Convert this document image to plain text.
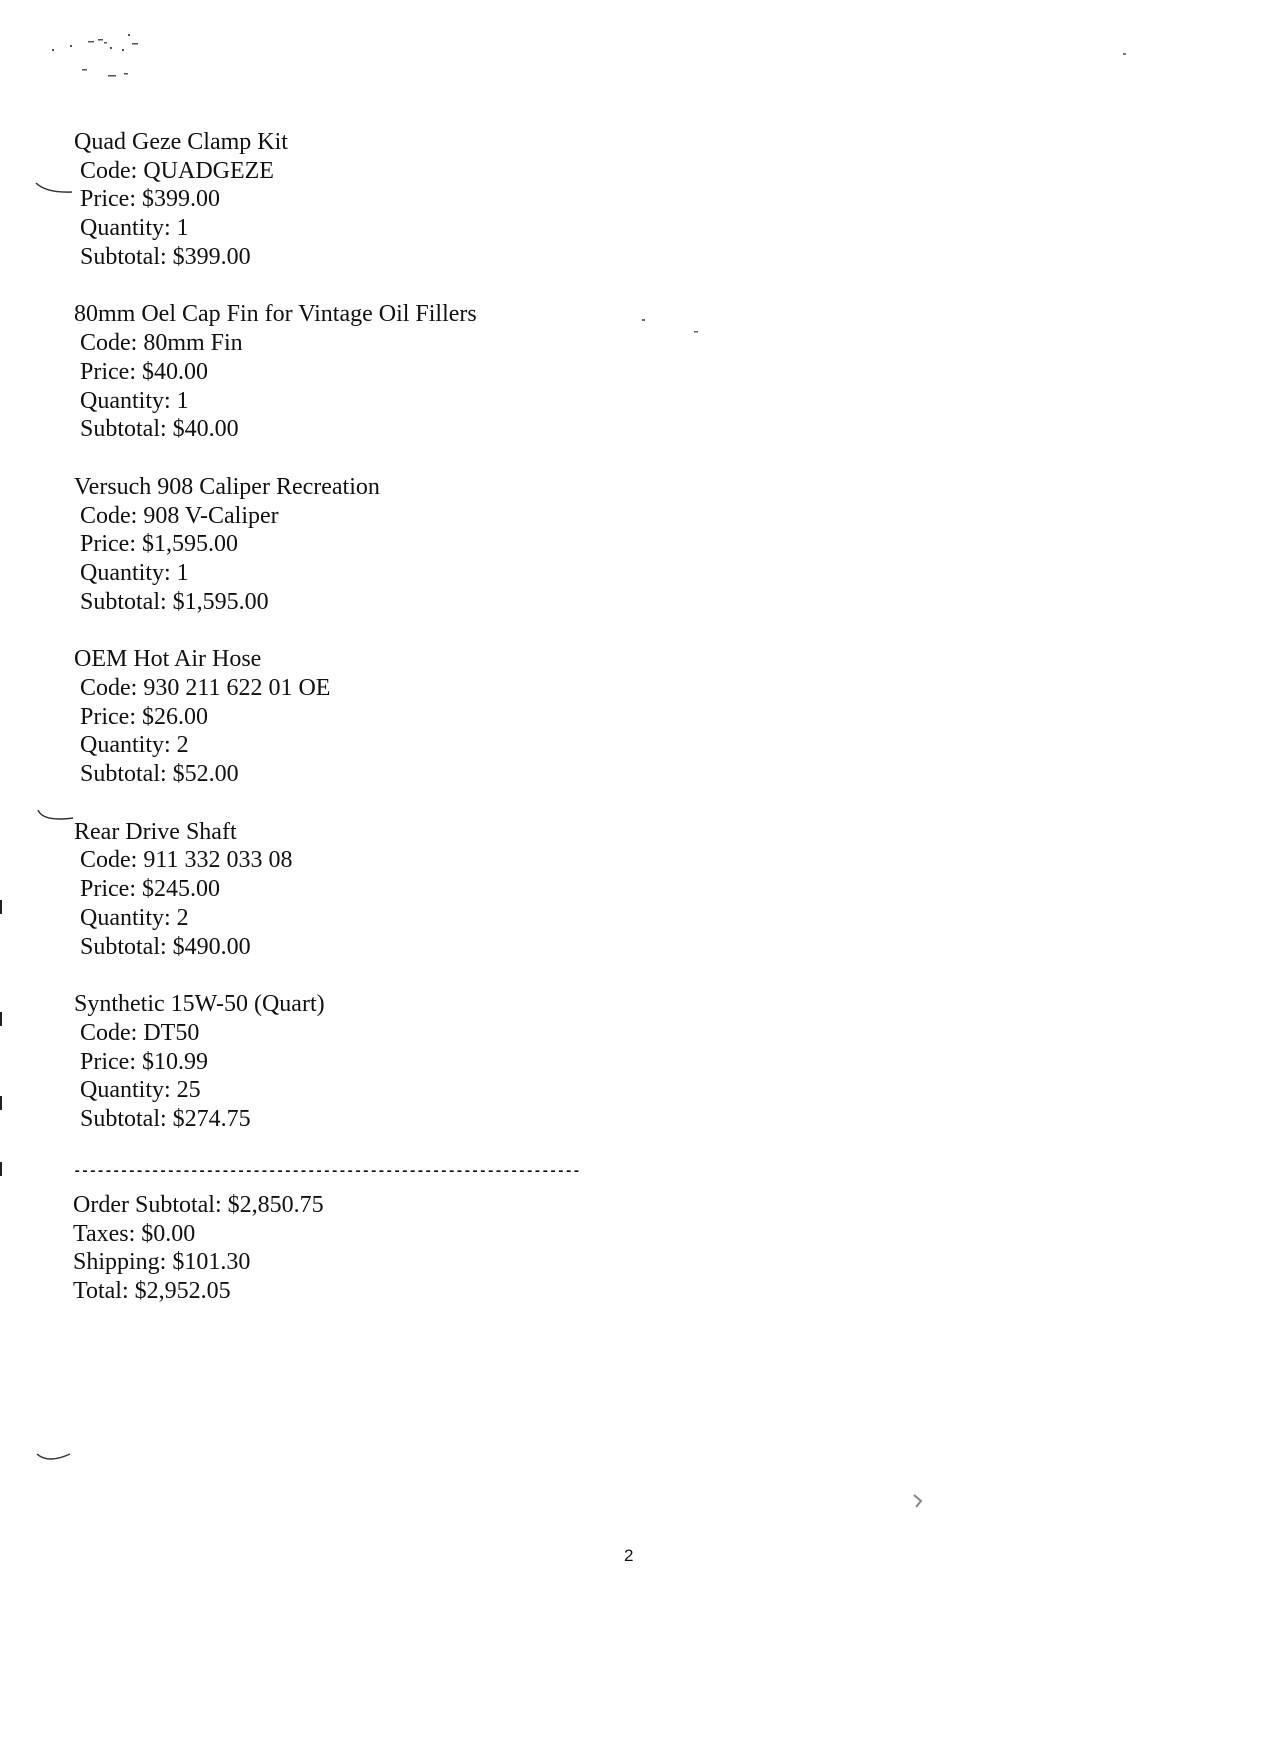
Quad Geze Clamp Kit
Code: QUADGEZE
Price: $399.00
Quantity: 1
Subtotal: $399.00
80mm Oel Cap Fin for Vintage Oil Fillers
Code: 80mm Fin
Price: $40.00
Quantity: 1
Subtotal: $40.00
Versuch 908 Caliper Recreation
Code: 908 V-Caliper
Price: $1,595.00
Quantity: 1
Subtotal: $1,595.00
OEM Hot Air Hose
Code: 930 211 622 01 OE
Price: $26.00
Quantity: 2
Subtotal: $52.00
Rear Drive Shaft
Code: 911 332 033 08
Price: $245.00
Quantity: 2
Subtotal: $490.00
Synthetic 15W-50 (Quart)
Code: DT50
Price: $10.99
Quantity: 25
Subtotal: $274.75
-----------------------------------------------------------------
Order Subtotal: $2,850.75
Taxes: $0.00
Shipping: $101.30
Total: $2,952.05
2
